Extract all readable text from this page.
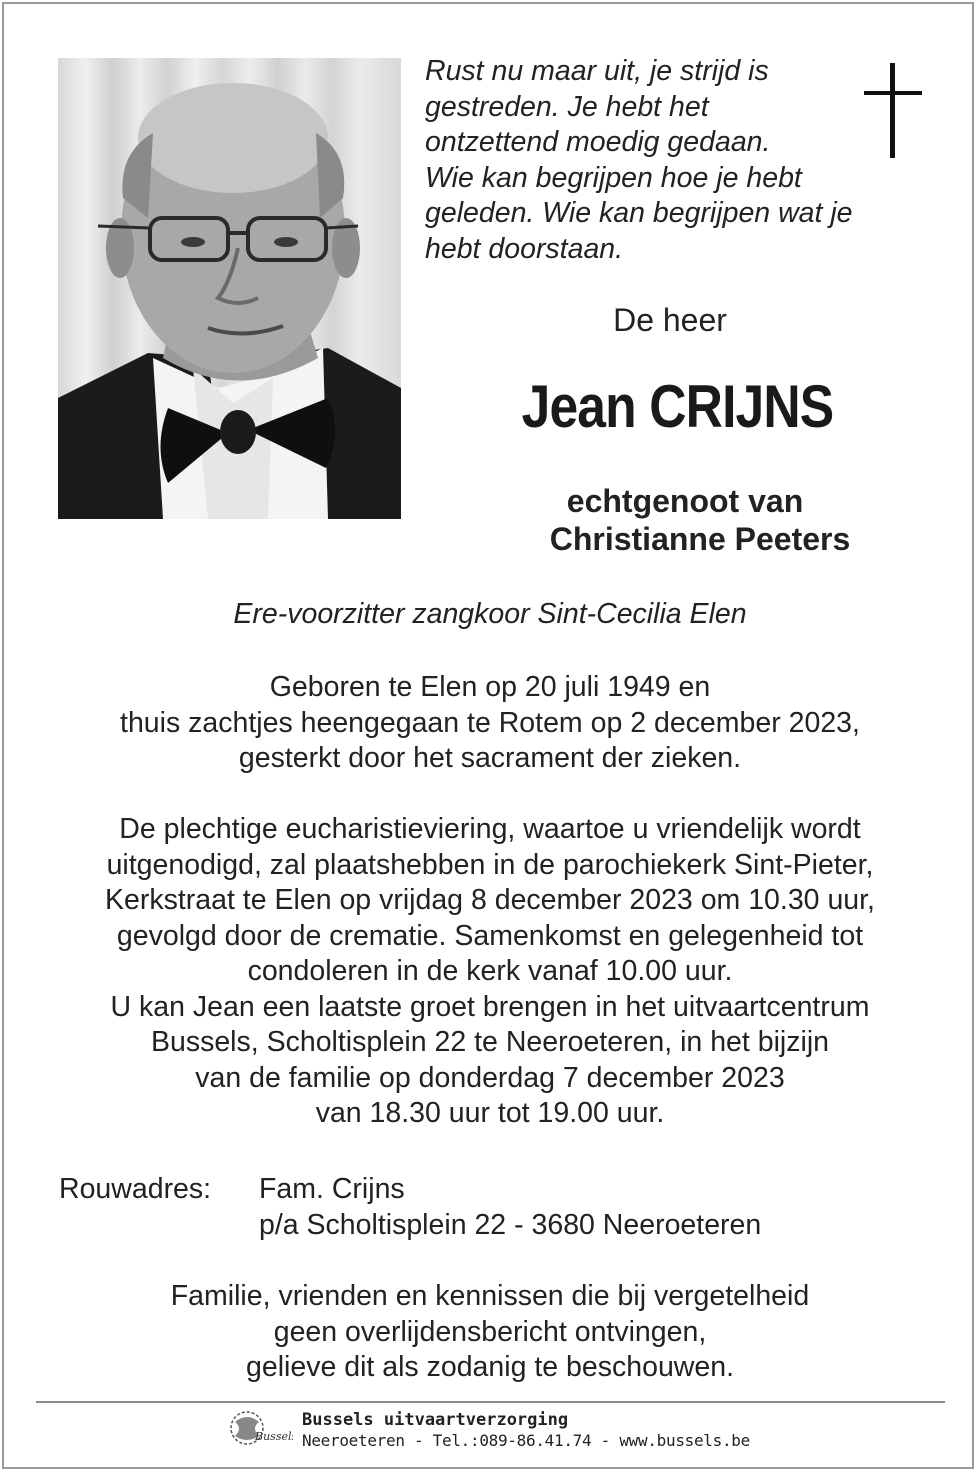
Rust nu maar uit, je strijd is
gestreden. Je hebt het
ontzettend moedig gedaan.
Wie kan begrijpen hoe je hebt
geleden. Wie kan begrijpen wat je
hebt doorstaan.
De heer
Jean CRIJNS
echtgenoot van
Christianne Peeters
Ere-voorzitter zangkoor Sint-Cecilia Elen
Geboren te Elen op 20 juli 1949 en
thuis zachtjes heengegaan te Rotem op 2 december 2023,
gesterkt door het sacrament der zieken.
De plechtige eucharistieviering, waartoe u vriendelijk wordt
uitgenodigd, zal plaatshebben in de parochiekerk Sint-Pieter,
Kerkstraat te Elen op vrijdag 8 december 2023 om 10.30 uur,
gevolgd door de crematie. Samenkomst en gelegenheid tot
condoleren in de kerk vanaf 10.00 uur.
U kan Jean een laatste groet brengen in het uitvaartcentrum
Bussels, Scholtisplein 22 te Neeroeteren, in het bijzijn
van de familie op donderdag 7 december 2023
van 18.30 uur tot 19.00 uur.
Rouwadres: Fam. Crijns
p/a Scholtisplein 22 - 3680 Neeroeteren
Familie, vrienden en kennissen die bij vergetelheid
geen overlijdensbericht ontvingen,
gelieve dit als zodanig te beschouwen.
Bussels
Bussels uitvaartverzorging
Neeroeteren - Tel.:089-86.41.74 - www.bussels.be
